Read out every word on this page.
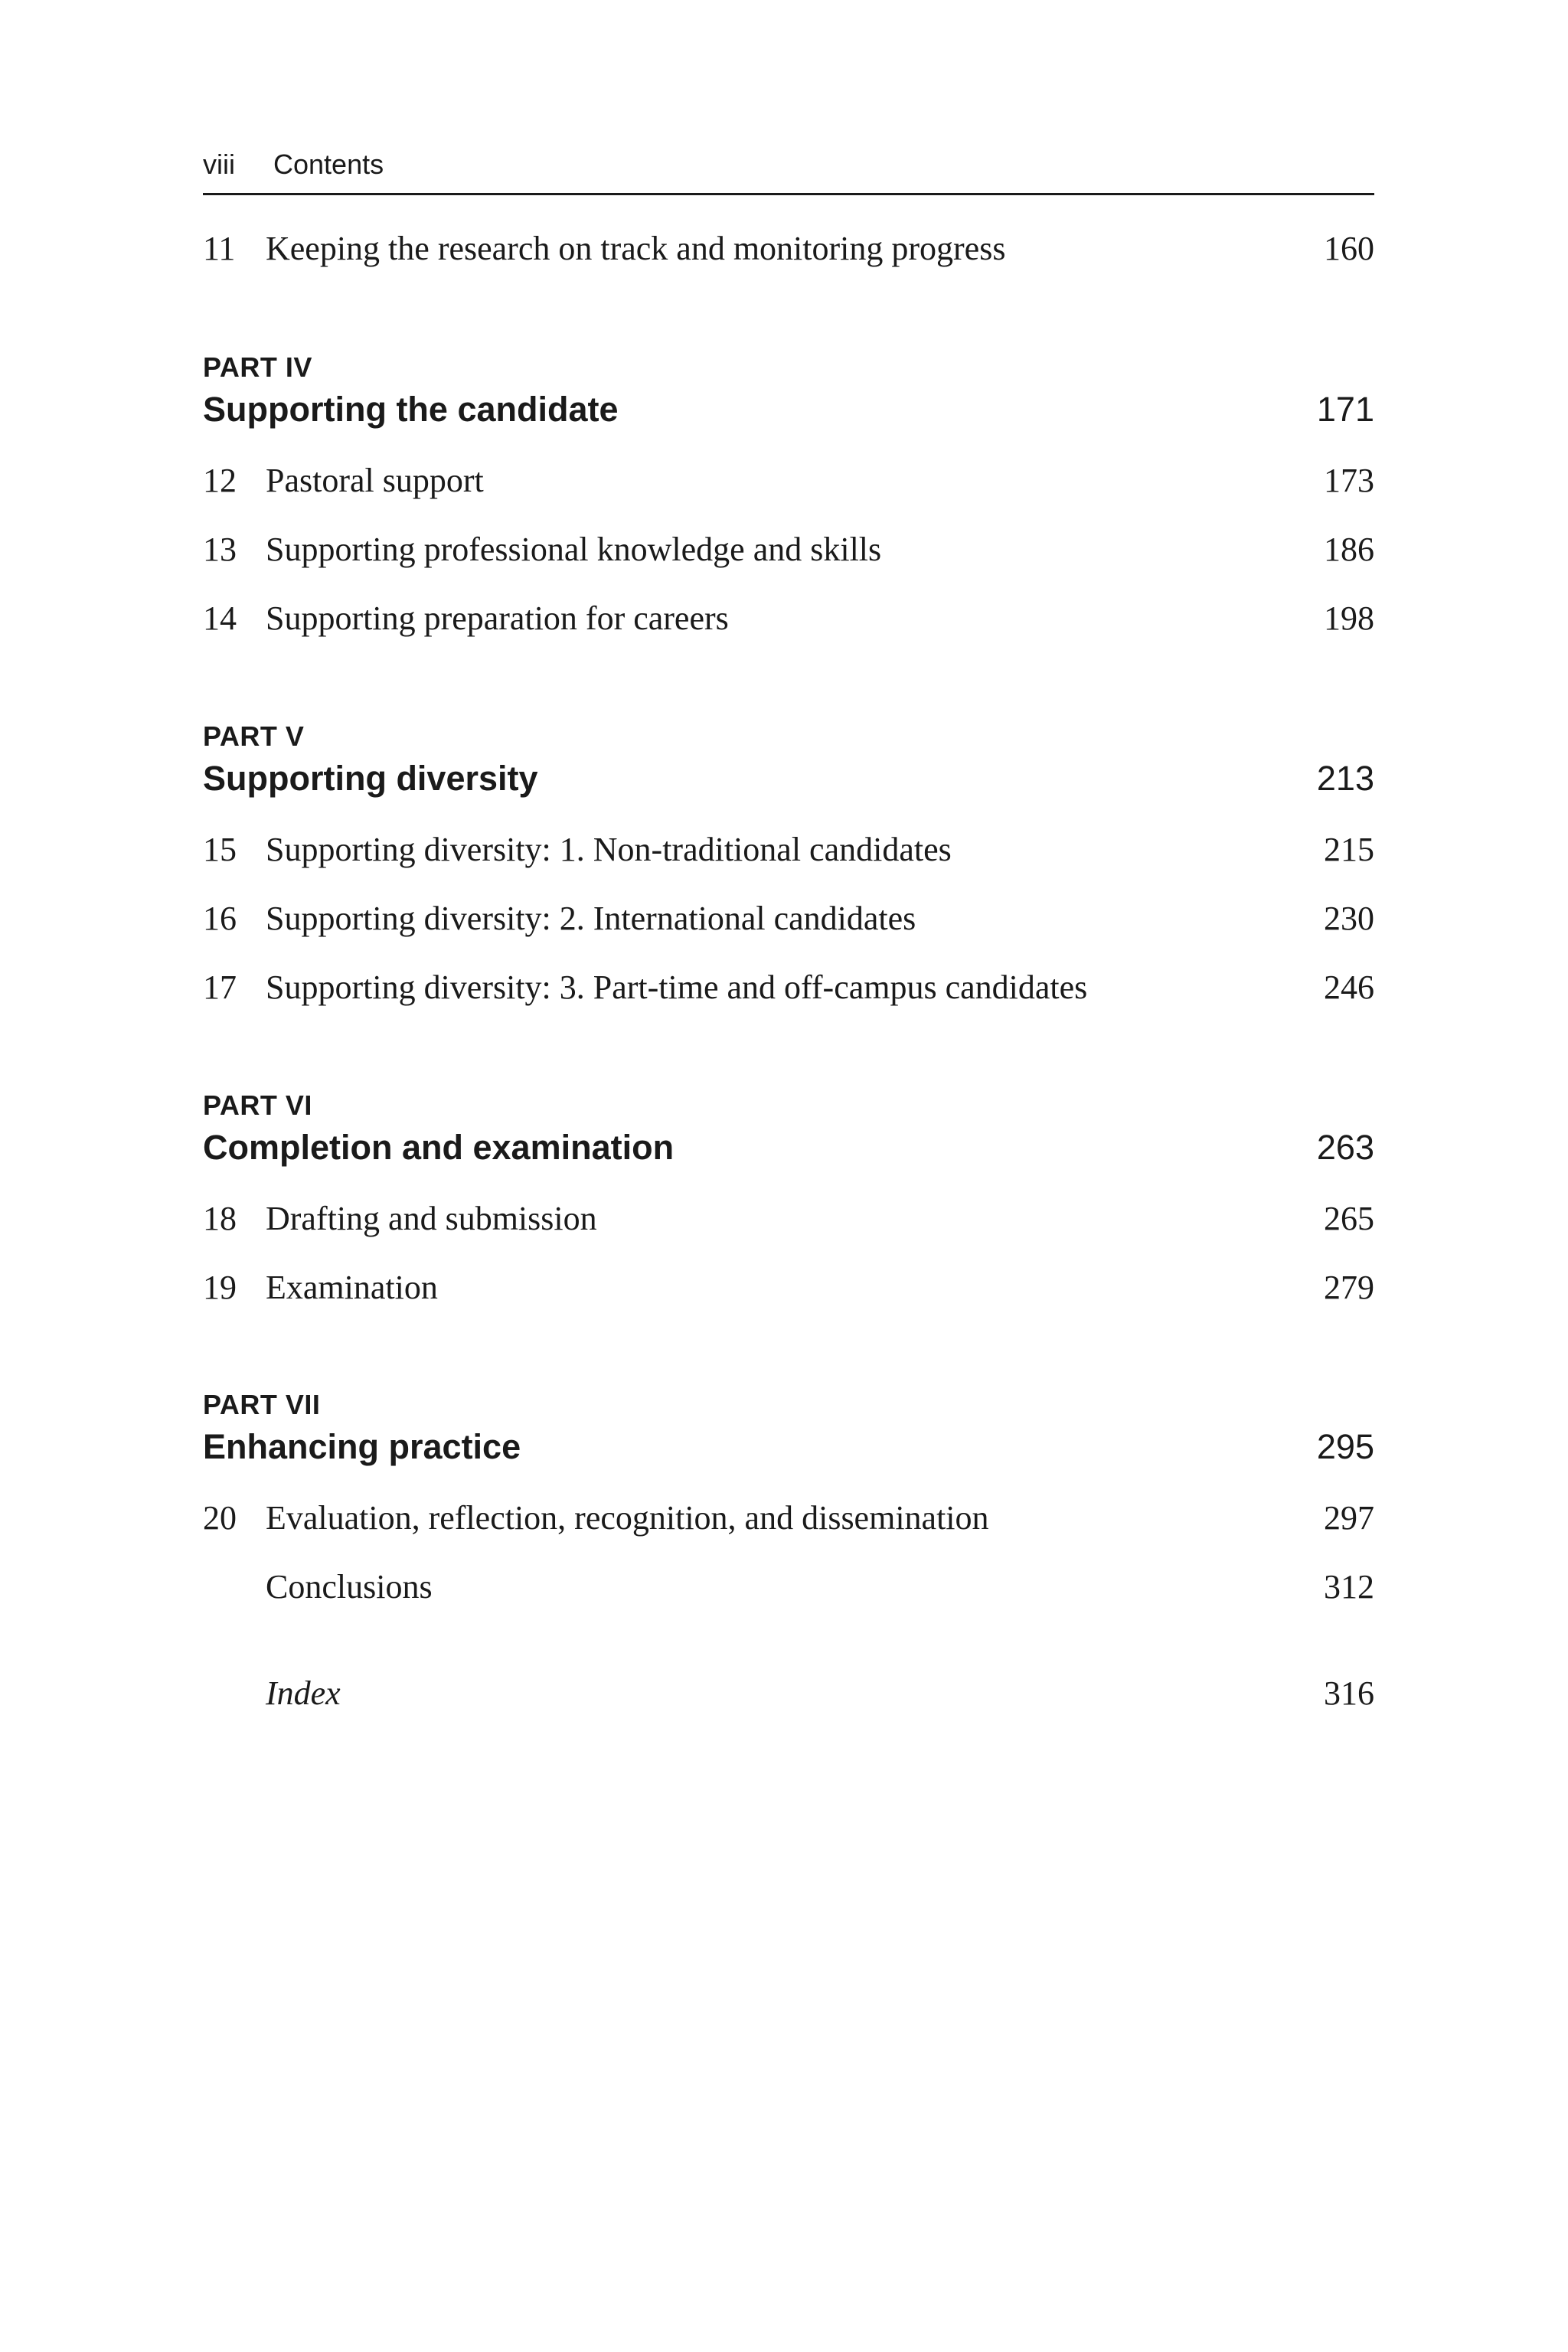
viii Contents
11 Keeping the research on track and monitoring progress	160
PART IV
Supporting the candidate	171
12 Pastoral support	173
13 Supporting professional knowledge and skills	186
14 Supporting preparation for careers	198
PART V
Supporting diversity	213
15 Supporting diversity: 1. Non-traditional candidates	215
16 Supporting diversity: 2. International candidates	230
17 Supporting diversity: 3. Part-time and off-campus candidates	246
PART VI
Completion and examination	263
18 Drafting and submission	265
19 Examination	279
PART VII
Enhancing practice	295
20 Evaluation, reflection, recognition, and dissemination	297
Conclusions	312
Index	316
